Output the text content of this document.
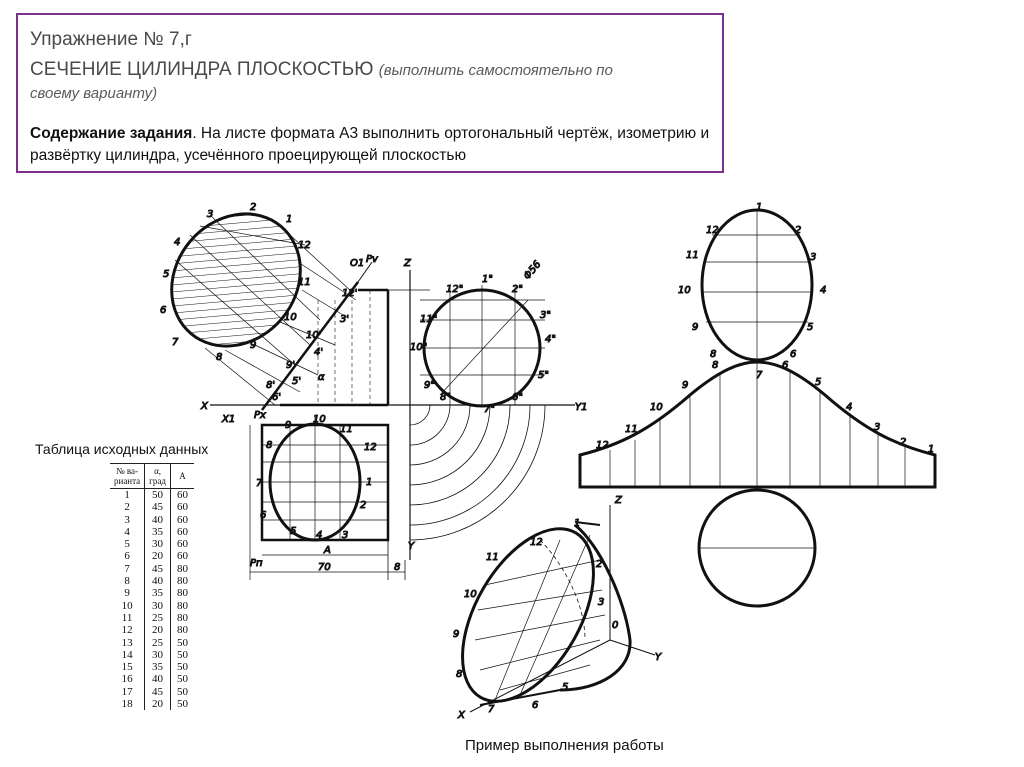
Упражнение № 7,г
СЕЧЕНИЕ ЦИЛИНДРА ПЛОСКОСТЬЮ (выполнить самостоятельно по
своему варианту)
Содержание задания. На листе формата А3 выполнить ортогональный чертёж, изометрию и развёртку цилиндра, усечённого проецирующей плоскостью
X
X1
Z
Y1
Y
Pv
O1
Px
Pп
A
70	8
Φ56
α
3
2
1
4
5
6
7
8
9
10
11
12
12'
3'
10'
4'
9'
5'
8'
6'
12"
1"
2"
3"
4"
5"
6"
7"
8"
9"
10"
11"
9
10
11
12
1
2
3
4
5
6
7
8
1
2
3
4
5
6
7
8
9
10
11
12
1
2
3
4
5
6
8
9
10
11
12
Z
Y
X
0
1
12
11
10
9
8
7	6
5
2
3
Таблица исходных данных
№ ва-
рианта	α,
град	A
1	50	60
2	45	60
3	40	60
4	35	60
5	30	60
6	20	60
7	45	80
8	40	80
9	35	80
10	30	80
11	25	80
12	20	80
13	25	50
14	30	50
15	35	50
16	40	50
17	45	50
18	20	50
Пример выполнения работы
